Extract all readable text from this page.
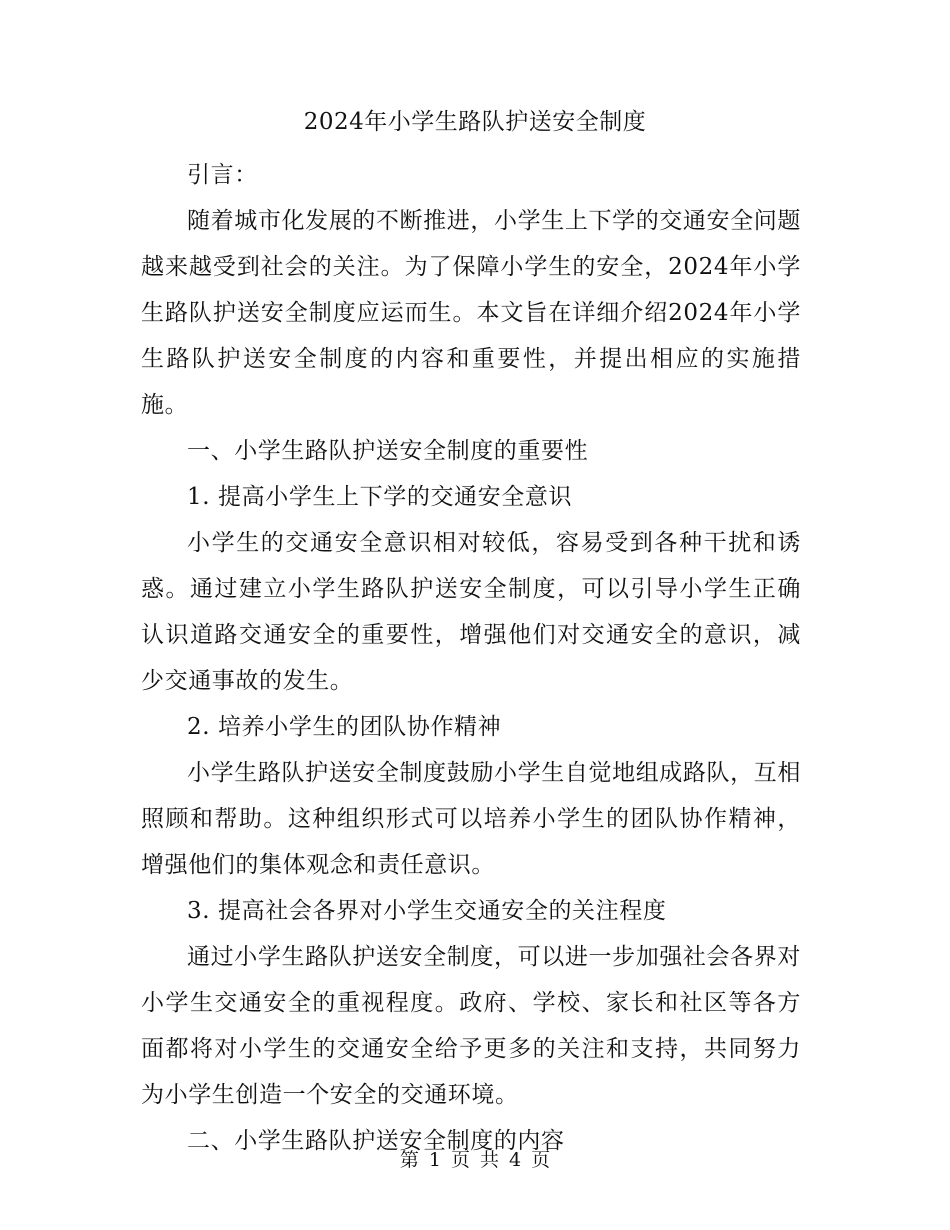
2024年小学生路队护送安全制度

引言：

随着城市化发展的不断推进，小学生上下学的交通安全问题越来越受到社会的关注。为了保障小学生的安全，2024年小学生路队护送安全制度应运而生。本文旨在详细介绍2024年小学生路队护送安全制度的内容和重要性，并提出相应的实施措施。

一、小学生路队护送安全制度的重要性

1. 提高小学生上下学的交通安全意识

小学生的交通安全意识相对较低，容易受到各种干扰和诱惑。通过建立小学生路队护送安全制度，可以引导小学生正确认识道路交通安全的重要性，增强他们对交通安全的意识，减少交通事故的发生。

2. 培养小学生的团队协作精神

小学生路队护送安全制度鼓励小学生自觉地组成路队，互相照顾和帮助。这种组织形式可以培养小学生的团队协作精神，增强他们的集体观念和责任意识。

3. 提高社会各界对小学生交通安全的关注程度

通过小学生路队护送安全制度，可以进一步加强社会各界对小学生交通安全的重视程度。政府、学校、家长和社区等各方面都将对小学生的交通安全给予更多的关注和支持，共同努力为小学生创造一个安全的交通环境。

二、小学生路队护送安全制度的内容

第 1 页 共 4 页
